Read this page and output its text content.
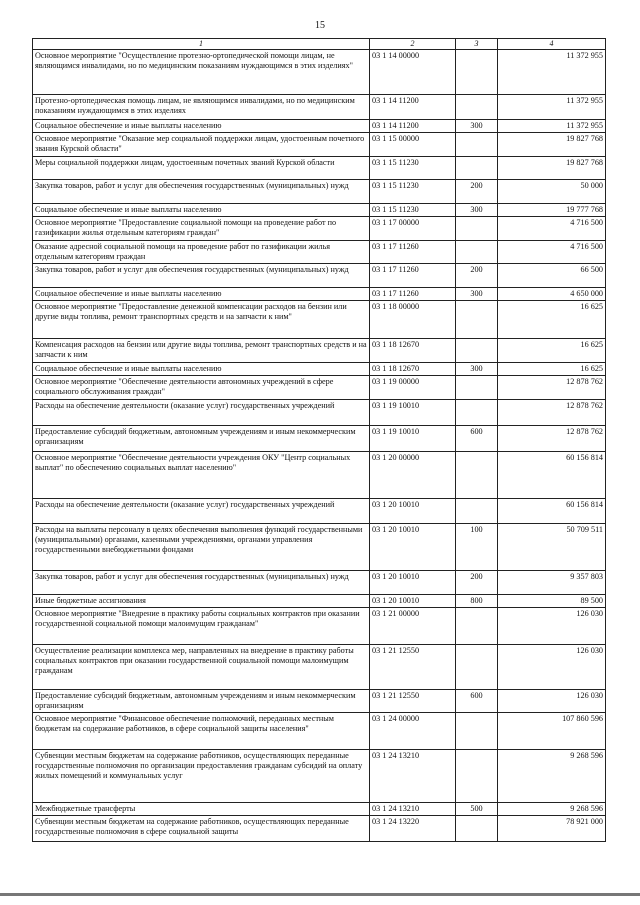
15
1	2	3	4
Основное мероприятие "Осуществление протезно-ортопедической помощи лицам, не являющимся инвалидами, но по медицинским показаниям нуждающимся в этих изделиях"	03 1 14 00000		11 372 955
Протезно-ортопедическая помощь лицам, не являющимся инвалидами, но по медицинским показаниям нуждающимся в этих изделиях	03 1 14 11200		11 372 955
Социальное обеспечение и иные выплаты населению	03 1 14 11200	300	11 372 955
Основное мероприятие "Оказание мер социальной поддержки лицам, удостоенным почетного звания Курской области"	03 1 15 00000		19 827 768
Меры социальной поддержки лицам, удостоенным почетных званий Курской области	03 1 15 11230		19 827 768
Закупка товаров, работ и услуг для обеспечения государственных (муниципальных) нужд	03 1 15 11230	200	50 000
Социальное обеспечение и иные выплаты населению	03 1 15 11230	300	19 777 768
Основное мероприятие "Предоставление социальной помощи на проведение работ по газификации жилья отдельным категориям граждан"	03 1 17 00000		4 716 500
Оказание адресной социальной помощи на проведение работ по газификации жилья отдельным категориям граждан	03 1 17 11260		4 716 500
Закупка товаров, работ и услуг для обеспечения государственных (муниципальных) нужд	03 1 17 11260	200	66 500
Социальное обеспечение и иные выплаты населению	03 1 17 11260	300	4 650 000
Основное мероприятие "Предоставление денежной компенсации расходов на бензин или другие виды топлива, ремонт транспортных средств и на запчасти к ним"	03 1 18 00000		16 625
Компенсация расходов на бензин или другие виды топлива, ремонт транспортных средств и на запчасти к ним	03 1 18 12670		16 625
Социальное обеспечение и иные выплаты населению	03 1 18 12670	300	16 625
Основное мероприятие "Обеспечение деятельности автономных учреждений в сфере социального обслуживания граждан"	03 1 19 00000		12 878 762
Расходы на обеспечение деятельности (оказание услуг) государственных учреждений	03 1 19 10010		12 878 762
Предоставление субсидий бюджетным, автономным учреждениям и иным некоммерческим организациям	03 1 19 10010	600	12 878 762
Основное мероприятие "Обеспечение деятельности учреждения ОКУ "Центр социальных выплат" по обеспечению социальных выплат населению"	03 1 20 00000		60 156 814
Расходы на обеспечение деятельности (оказание услуг) государственных учреждений	03 1 20 10010		60 156 814
Расходы на выплаты персоналу в целях обеспечения выполнения функций государственными (муниципальными) органами, казенными учреждениями, органами управления государственными внебюджетными фондами	03 1 20 10010	100	50 709 511
Закупка товаров, работ и услуг для обеспечения государственных (муниципальных) нужд	03 1 20 10010	200	9 357 803
Иные бюджетные ассигнования	03 1 20 10010	800	89 500
Основное мероприятие "Внедрение в практику работы социальных контрактов при оказании государственной социальной помощи малоимущим гражданам"	03 1 21 00000		126 030
Осуществление реализации комплекса мер, направленных на внедрение в практику работы социальных контрактов при оказании государственной социальной помощи малоимущим гражданам	03 1 21 12550		126 030
Предоставление субсидий бюджетным, автономным учреждениям и иным некоммерческим организациям	03 1 21 12550	600	126 030
Основное мероприятие "Финансовое обеспечение полномочий, переданных местным бюджетам на содержание работников, в сфере социальной защиты населения"	03 1 24 00000		107 860 596
Субвенции местным бюджетам на содержание работников, осуществляющих переданные государственные полномочия по организации предоставления гражданам субсидий на оплату жилых помещений и коммунальных услуг	03 1 24 13210		9 268 596
Межбюджетные трансферты	03 1 24 13210	500	9 268 596
Субвенции местным бюджетам на содержание работников, осуществляющих переданные государственные полномочия в сфере социальной защиты	03 1 24 13220		78 921 000
